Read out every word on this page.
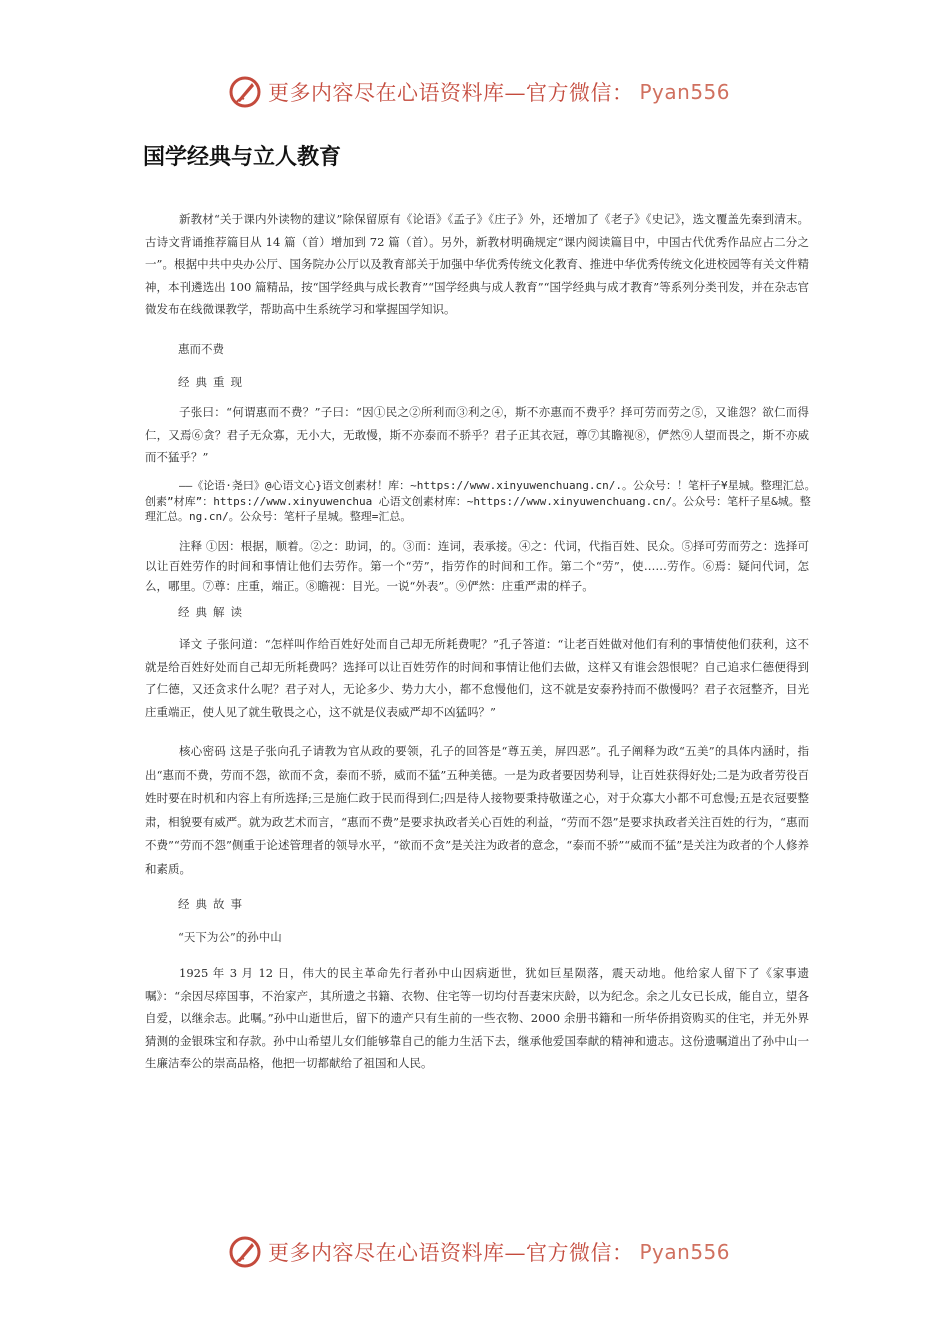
更多内容尽在心语资料库—官方微信： Pyan556
国学经典与立人教育

新教材“关于课内外读物的建议”除保留原有《论语》《孟子》《庄子》外，还增加了《老子》《史记》，选文覆盖先秦到清末。古诗文背诵推荐篇目从 14 篇（首）增加到 72 篇（首）。另外，新教材明确规定“课内阅读篇目中，中国古代优秀作品应占二分之一”。根据中共中央办公厅、国务院办公厅以及教育部关于加强中华优秀传统文化教育、推进中华优秀传统文化进校园等有关文件精神，本刊遴选出 100 篇精品，按“国学经典与成长教育”“国学经典与成人教育”“国学经典与成才教育”等系列分类刊发，并在杂志官微发布在线微课教学，帮助高中生系统学习和掌握国学知识。

惠而不费

经典重现

子张曰：“何谓惠而不费？”子曰：“因①民之②所利而③利之④，斯不亦惠而不费乎？择可劳而劳之⑤，又谁怨？欲仁而得仁，又焉⑥贪？君子无众寡，无小大，无敢慢，斯不亦泰而不骄乎？君子正其衣冠，尊⑦其瞻视⑧，俨然⑨人望而畏之，斯不亦威而不猛乎？”

——《论语·尧曰》@心语文心}语文创素材！库：~https://www.xinyuwenchuang.cn/.。公众号：！笔杆子¥星城。整理汇总。创素”材库”：https://www.xinyuwenchua 心语文创素材库：~https://www.xinyuwenchuang.cn/。公众号：笔杆子星&城。整理汇总。ng.cn/。公众号：笔杆子星城。整理=汇总。

注释 ①因：根据，顺着。②之：助词，的。③而：连词，表承接。④之：代词，代指百姓、民众。⑤择可劳而劳之：选择可以让百姓劳作的时间和事情让他们去劳作。第一个“劳”，指劳作的时间和工作。第二个“劳”，使……劳作。⑥焉：疑问代词，怎么，哪里。⑦尊：庄重，端正。⑧瞻视：目光。一说“外表”。⑨俨然：庄重严肃的样子。

经典解读

译文 子张问道：“怎样叫作给百姓好处而自己却无所耗费呢？”孔子答道：“让老百姓做对他们有利的事情使他们获利，这不就是给百姓好处而自己却无所耗费吗？选择可以让百姓劳作的时间和事情让他们去做，这样又有谁会怨恨呢？自己追求仁德便得到了仁德，又还贪求什么呢？君子对人，无论多少、势力大小，都不怠慢他们，这不就是安泰矜持而不傲慢吗？君子衣冠整齐，目光庄重端正，使人见了就生敬畏之心，这不就是仪表威严却不凶猛吗？”

核心密码 这是子张向孔子请教为官从政的要领，孔子的回答是“尊五美，屏四恶”。孔子阐释为政“五美”的具体内涵时，指出“惠而不费，劳而不怨，欲而不贪，泰而不骄，威而不猛”五种美德。一是为政者要因势利导，让百姓获得好处;二是为政者劳役百姓时要在时机和内容上有所选择;三是施仁政于民而得到仁;四是待人接物要秉持敬谨之心，对于众寡大小都不可怠慢;五是衣冠要整肃，相貌要有威严。就为政艺术而言，“惠而不费”是要求执政者关心百姓的利益，“劳而不怨”是要求执政者关注百姓的行为，“惠而不费”“劳而不怨”侧重于论述管理者的领导水平，“欲而不贪”是关注为政者的意念，“泰而不骄”“威而不猛”是关注为政者的个人修养和素质。

经典故事

“天下为公”的孙中山

1925 年 3 月 12 日，伟大的民主革命先行者孙中山因病逝世，犹如巨星陨落，震天动地。他给家人留下了《家事遗嘱》：“余因尽瘁国事，不治家产，其所遗之书籍、衣物、住宅等一切均付吾妻宋庆龄，以为纪念。余之儿女已长成，能自立，望各自爱，以继余志。此嘱。”孙中山逝世后，留下的遗产只有生前的一些衣物、2000 余册书籍和一所华侨捐资购买的住宅，并无外界猜测的金银珠宝和存款。孙中山希望儿女们能够靠自己的能力生活下去，继承他爱国奉献的精神和遗志。这份遗嘱道出了孙中山一生廉洁奉公的崇高品格，他把一切都献给了祖国和人民。

更多内容尽在心语资料库—官方微信： Pyan556
